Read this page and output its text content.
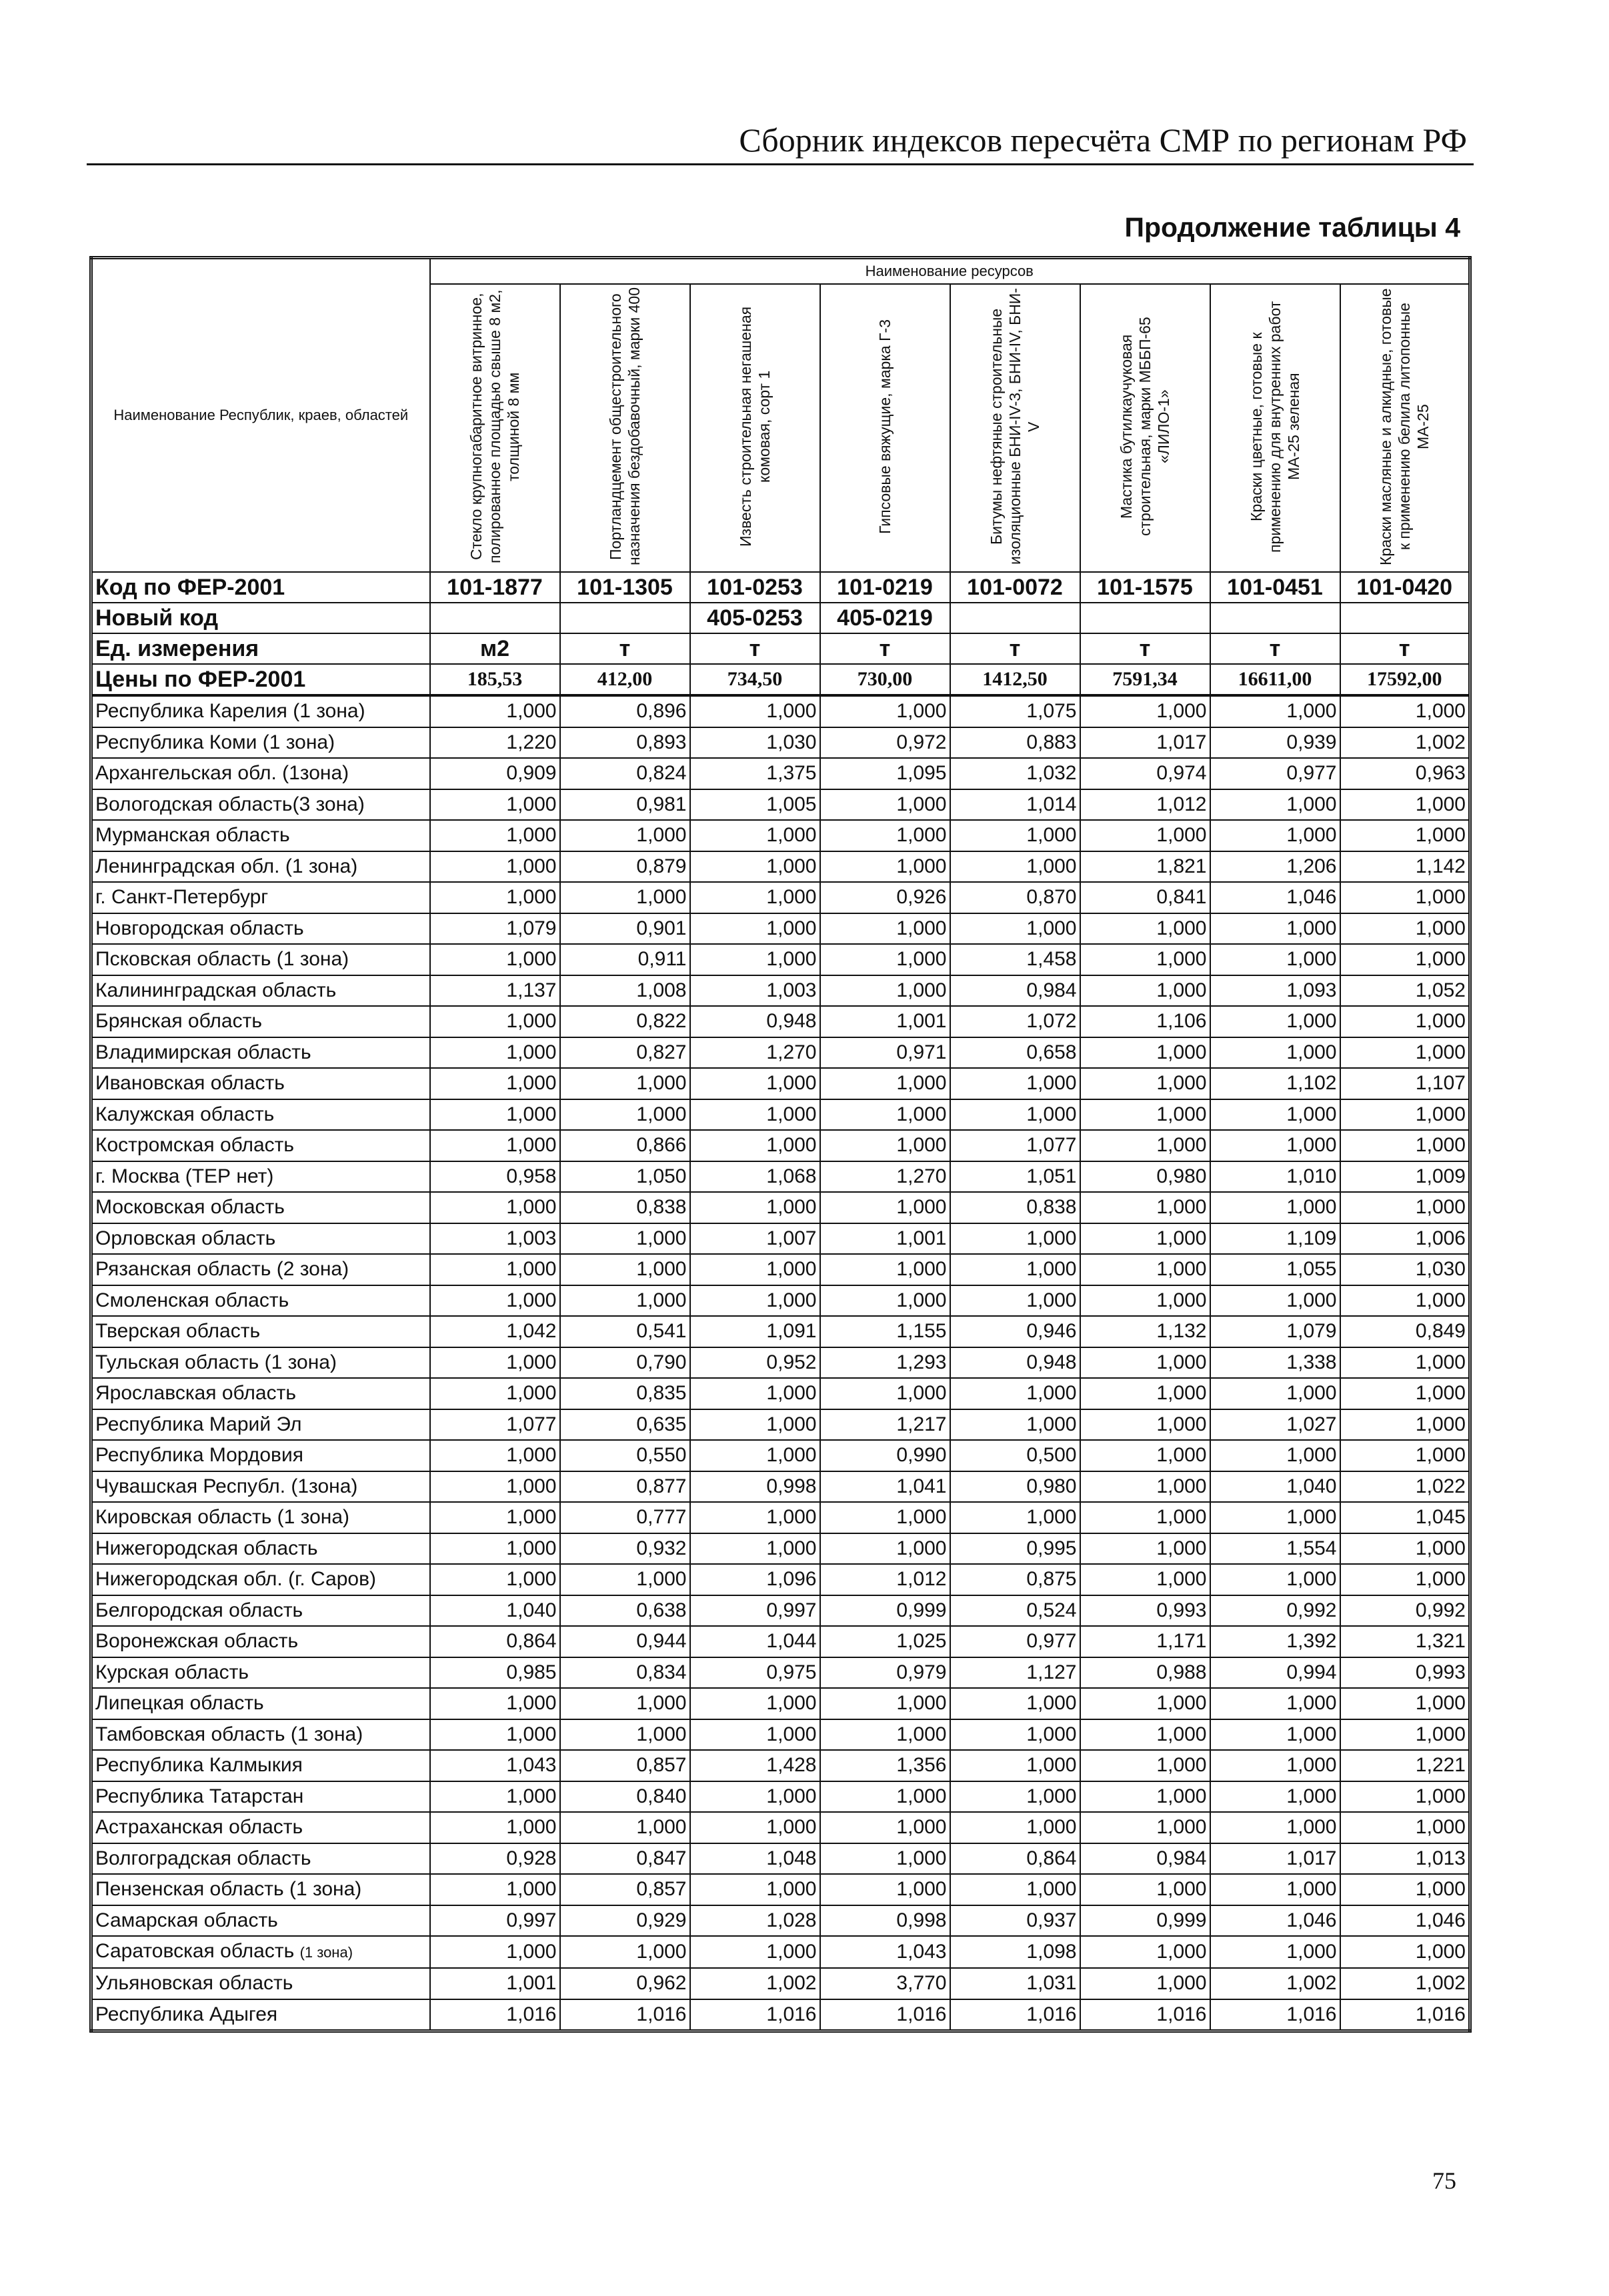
Сборник индексов пересчёта СМР по регионам РФ
Продолжение таблицы 4
Наименование Республик, краев, областей	Наименование ресурсов							
	Стекло крупногабаритное витринное, полированное площадью свыше 8 м2, толщиной 8 мм	Портландцемент общестроительного назначения бездобавочный, марки 400	Известь строительная негашеная комовая, сорт 1	Гипсовые вяжущие, марка Г-3	Битумы нефтяные строительные изоляционные БНИ-IV-3, БНИ-IV, БНИ-V	Мастика бутилкаучуковая строительная, марки МББП-65 «ЛИЛО-1»	Краски цветные, готовые к применению для внутренних работ МА-25 зеленая	Краски масляные и алкидные, готовые к применению белила литопонные МА-25
Код по ФЕР-2001	101-1877	101-1305	101-0253	101-0219	101-0072	101-1575	101-0451	101-0420
Новый код			405-0253	405-0219				
Ед. измерения	м2	т	т	т	т	т	т	т
Цены по ФЕР-2001	185,53	412,00	734,50	730,00	1412,50	7591,34	16611,00	17592,00
Республика Карелия (1 зона)	1,000	0,896	1,000	1,000	1,075	1,000	1,000	1,000
Республика Коми (1 зона)	1,220	0,893	1,030	0,972	0,883	1,017	0,939	1,002
Архангельская обл. (1зона)	0,909	0,824	1,375	1,095	1,032	0,974	0,977	0,963
Вологодская область(3 зона)	1,000	0,981	1,005	1,000	1,014	1,012	1,000	1,000
Мурманская область	1,000	1,000	1,000	1,000	1,000	1,000	1,000	1,000
Ленинградская обл. (1 зона)	1,000	0,879	1,000	1,000	1,000	1,821	1,206	1,142
г. Санкт-Петербург	1,000	1,000	1,000	0,926	0,870	0,841	1,046	1,000
Новгородская область	1,079	0,901	1,000	1,000	1,000	1,000	1,000	1,000
Псковская область (1 зона)	1,000	0,911	1,000	1,000	1,458	1,000	1,000	1,000
Калининградская область	1,137	1,008	1,003	1,000	0,984	1,000	1,093	1,052
Брянская область	1,000	0,822	0,948	1,001	1,072	1,106	1,000	1,000
Владимирская область	1,000	0,827	1,270	0,971	0,658	1,000	1,000	1,000
Ивановская область	1,000	1,000	1,000	1,000	1,000	1,000	1,102	1,107
Калужская область	1,000	1,000	1,000	1,000	1,000	1,000	1,000	1,000
Костромская область	1,000	0,866	1,000	1,000	1,077	1,000	1,000	1,000
г. Москва (ТЕР нет)	0,958	1,050	1,068	1,270	1,051	0,980	1,010	1,009
Московская область	1,000	0,838	1,000	1,000	0,838	1,000	1,000	1,000
Орловская область	1,003	1,000	1,007	1,001	1,000	1,000	1,109	1,006
Рязанская область (2 зона)	1,000	1,000	1,000	1,000	1,000	1,000	1,055	1,030
Смоленская область	1,000	1,000	1,000	1,000	1,000	1,000	1,000	1,000
Тверская область	1,042	0,541	1,091	1,155	0,946	1,132	1,079	0,849
Тульская область (1 зона)	1,000	0,790	0,952	1,293	0,948	1,000	1,338	1,000
Ярославская область	1,000	0,835	1,000	1,000	1,000	1,000	1,000	1,000
Республика Марий Эл	1,077	0,635	1,000	1,217	1,000	1,000	1,027	1,000
Республика Мордовия	1,000	0,550	1,000	0,990	0,500	1,000	1,000	1,000
Чувашская Республ. (1зона)	1,000	0,877	0,998	1,041	0,980	1,000	1,040	1,022
Кировская область (1 зона)	1,000	0,777	1,000	1,000	1,000	1,000	1,000	1,045
Нижегородская область	1,000	0,932	1,000	1,000	0,995	1,000	1,554	1,000
Нижегородская обл. (г. Саров)	1,000	1,000	1,096	1,012	0,875	1,000	1,000	1,000
Белгородская область	1,040	0,638	0,997	0,999	0,524	0,993	0,992	0,992
Воронежская область	0,864	0,944	1,044	1,025	0,977	1,171	1,392	1,321
Курская область	0,985	0,834	0,975	0,979	1,127	0,988	0,994	0,993
Липецкая область	1,000	1,000	1,000	1,000	1,000	1,000	1,000	1,000
Тамбовская область (1 зона)	1,000	1,000	1,000	1,000	1,000	1,000	1,000	1,000
Республика Калмыкия	1,043	0,857	1,428	1,356	1,000	1,000	1,000	1,221
Республика Татарстан	1,000	0,840	1,000	1,000	1,000	1,000	1,000	1,000
Астраханская область	1,000	1,000	1,000	1,000	1,000	1,000	1,000	1,000
Волгоградская область	0,928	0,847	1,048	1,000	0,864	0,984	1,017	1,013
Пензенская область (1 зона)	1,000	0,857	1,000	1,000	1,000	1,000	1,000	1,000
Самарская область	0,997	0,929	1,028	0,998	0,937	0,999	1,046	1,046
Саратовская область (1 зона)	1,000	1,000	1,000	1,043	1,098	1,000	1,000	1,000
Ульяновская область	1,001	0,962	1,002	3,770	1,031	1,000	1,002	1,002
Республика Адыгея	1,016	1,016	1,016	1,016	1,016	1,016	1,016	1,016
75
